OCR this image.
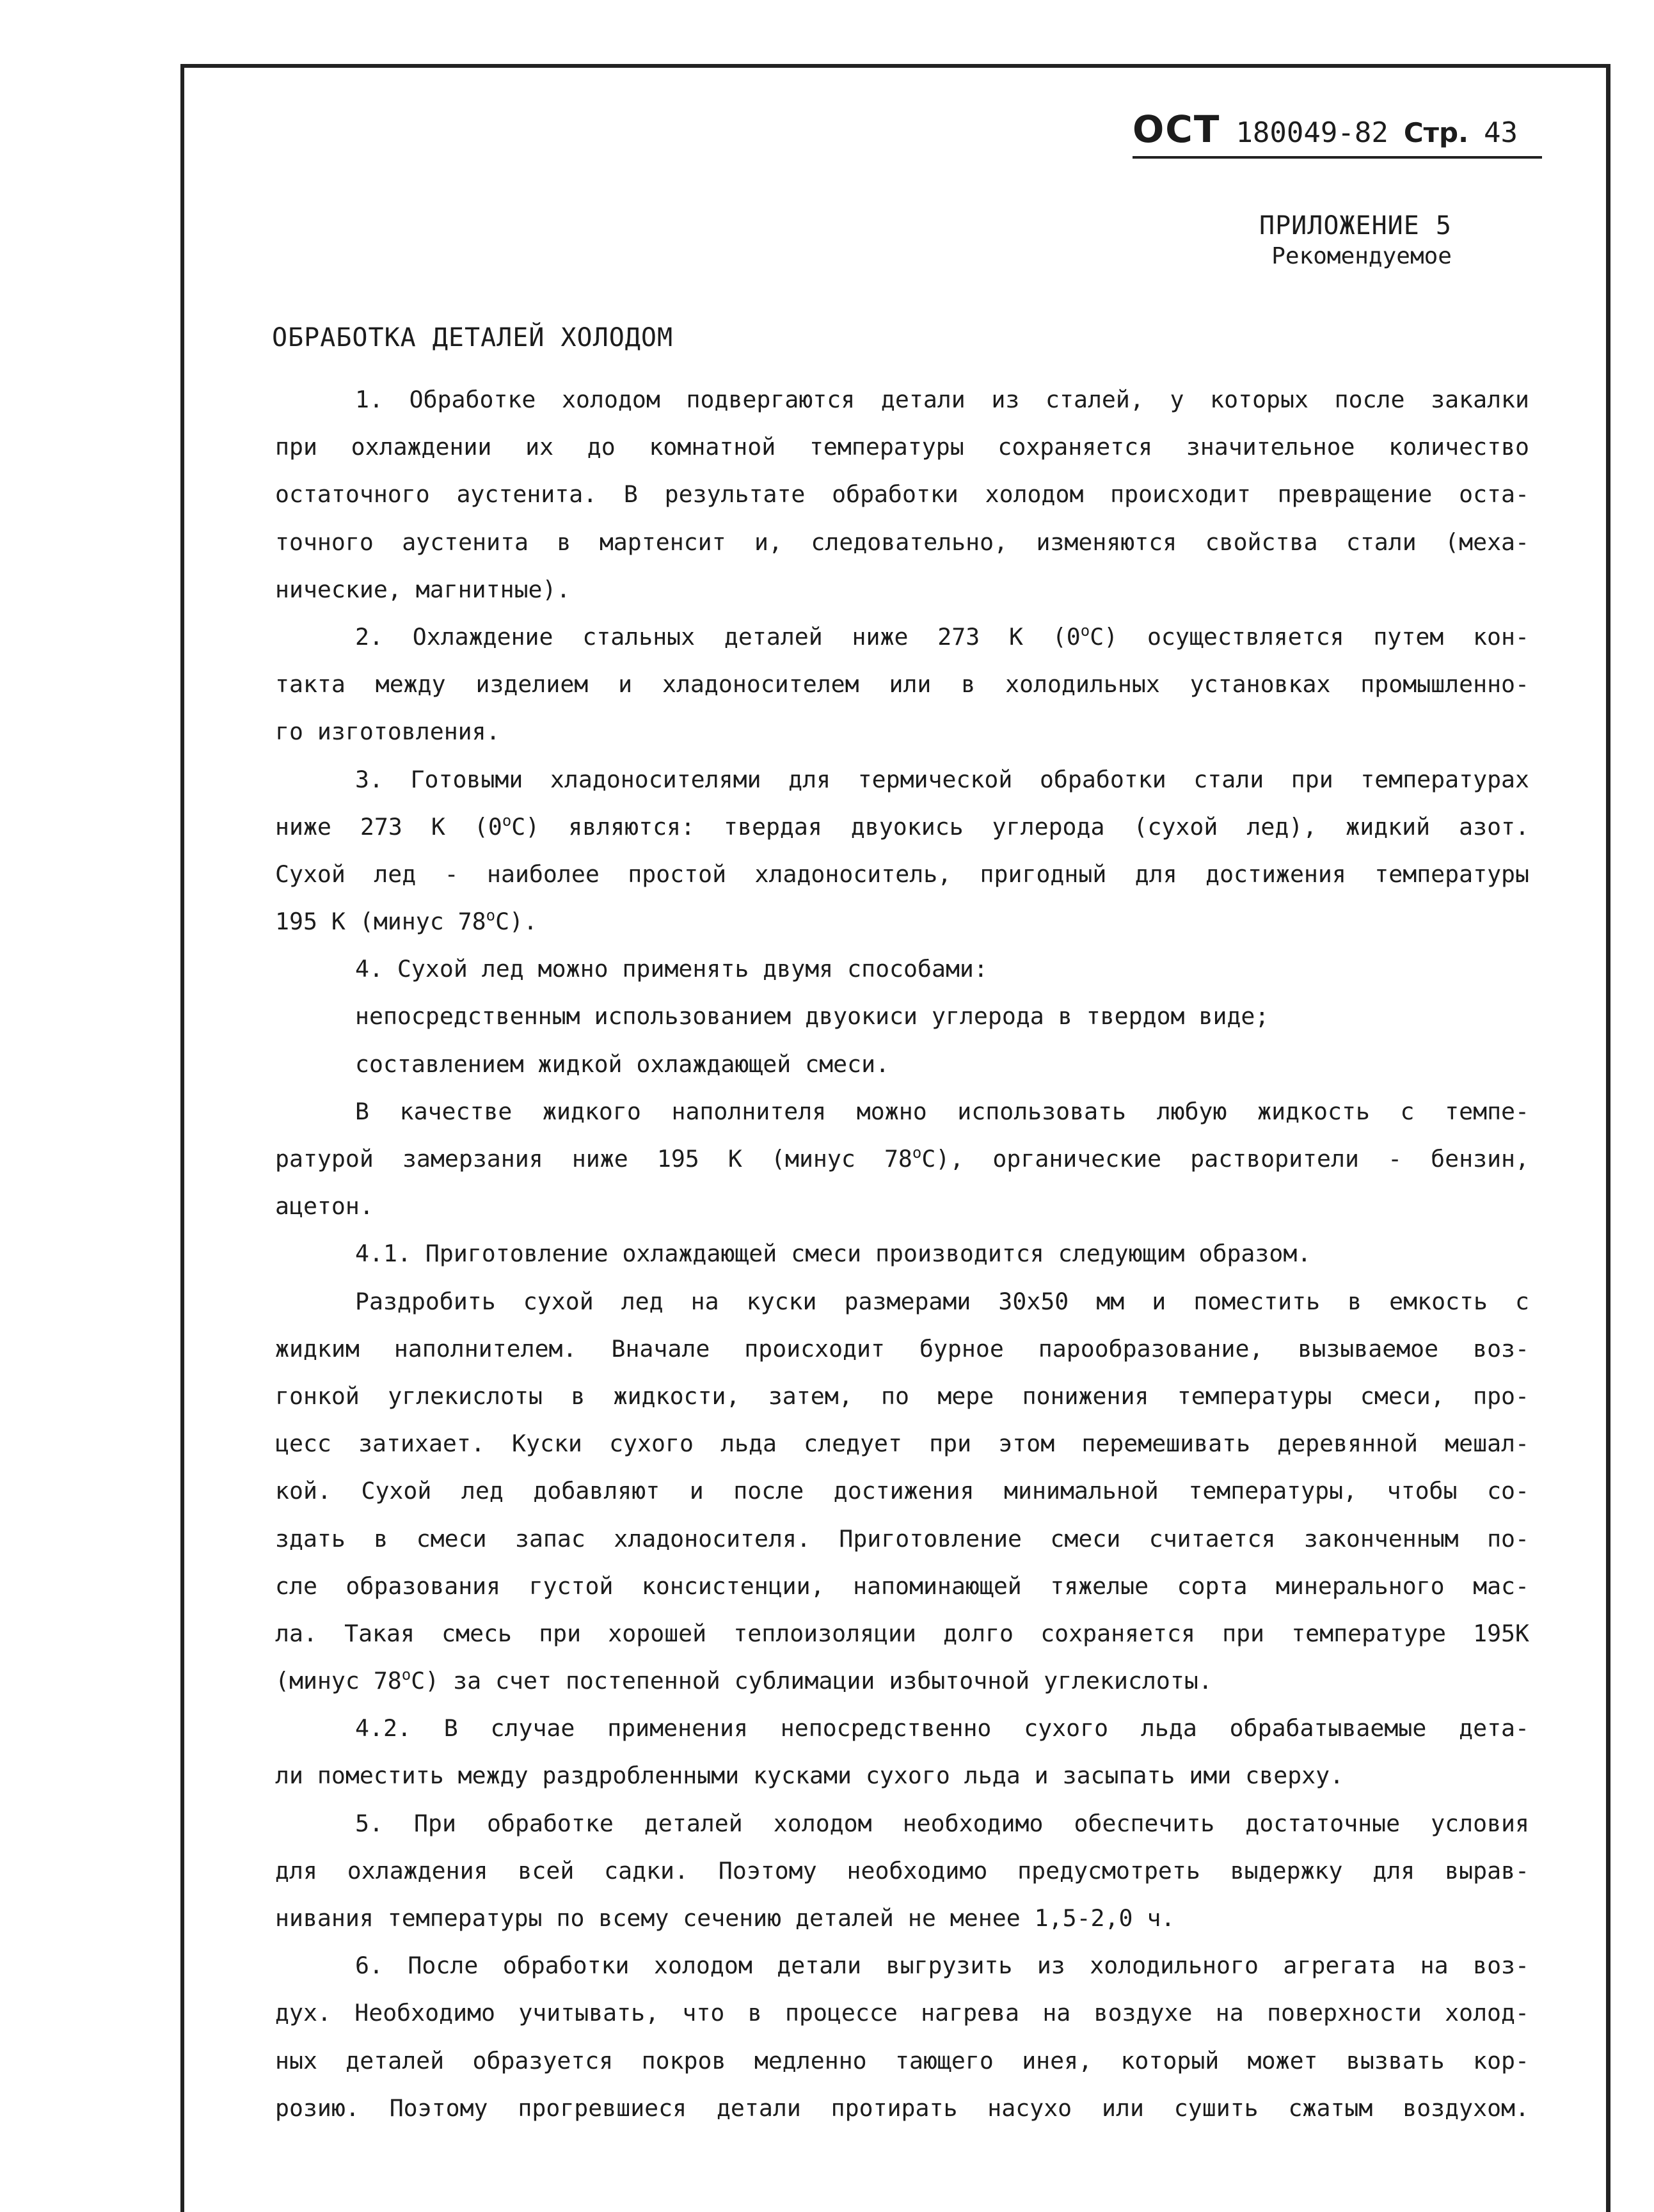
ОСТ 180049-82 Стр. 43
ПРИЛОЖЕНИЕ 5
Рекомендуемое
ОБРАБОТКА ДЕТАЛЕЙ ХОЛОДОМ
1. Обработке холодом подвергаются детали из сталей, у которых после закалки
при охлаждении их до комнатной температуры сохраняется значительное количество
остаточного аустенита. В результате обработки холодом происходит превращение оста-
точного аустенита в мартенсит и, следовательно, изменяются свойства стали (меха-
нические, магнитные).
2. Охлаждение стальных деталей ниже 273 К (0$^o$С) осуществляется путем кон-
такта между изделием и хладоносителем или в холодильных установках промышленно-
го изготовления.
3. Готовыми хладоносителями для термической обработки стали при температурах
ниже 273 К (0$^o$С) являются: твердая двуокись углерода (сухой лед), жидкий азот.
Сухой лед - наиболее простой хладоноситель, пригодный для достижения температуры
195 К (минус 78$^o$С).
4. Сухой лед можно применять двумя способами:
непосредственным использованием двуокиси углерода в твердом виде;
составлением жидкой охлаждающей смеси.
В качестве жидкого наполнителя можно использовать любую жидкость с темпе-
ратурой замерзания ниже 195 К (минус 78$^o$С), органические растворители - бензин,
ацетон.
4.1. Приготовление охлаждающей смеси производится следующим образом.
Раздробить сухой лед на куски размерами 30х50 мм и поместить в емкость с
жидким наполнителем. Вначале происходит бурное парообразование, вызываемое воз-
гонкой углекислоты в жидкости, затем, по мере понижения температуры смеси, про-
цесс затихает. Куски сухого льда следует при этом перемешивать деревянной мешал-
кой. Сухой лед добавляют и после достижения минимальной температуры, чтобы со-
здать в смеси запас хладоносителя. Приготовление смеси считается законченным по-
сле образования густой консистенции, напоминающей тяжелые сорта минерального мас-
ла. Такая смесь при хорошей теплоизоляции долго сохраняется при температуре 195К
(минус 78$^o$С) за счет постепенной сублимации избыточной углекислоты.
4.2. В случае применения непосредственно сухого льда обрабатываемые дета-
ли поместить между раздробленными кусками сухого льда и засыпать ими сверху.
5. При обработке деталей холодом необходимо обеспечить достаточные условия
для охлаждения всей садки. Поэтому необходимо предусмотреть выдержку для вырав-
нивания температуры по всему сечению деталей не менее 1,5-2,0 ч.
6. После обработки холодом детали выгрузить из холодильного агрегата на воз-
дух. Необходимо учитывать, что в процессе нагрева на воздухе на поверхности холод-
ных деталей образуется покров медленно тающего инея, который может вызвать кор-
розию. Поэтому прогревшиеся детали протирать насухо или сушить сжатым воздухом.
